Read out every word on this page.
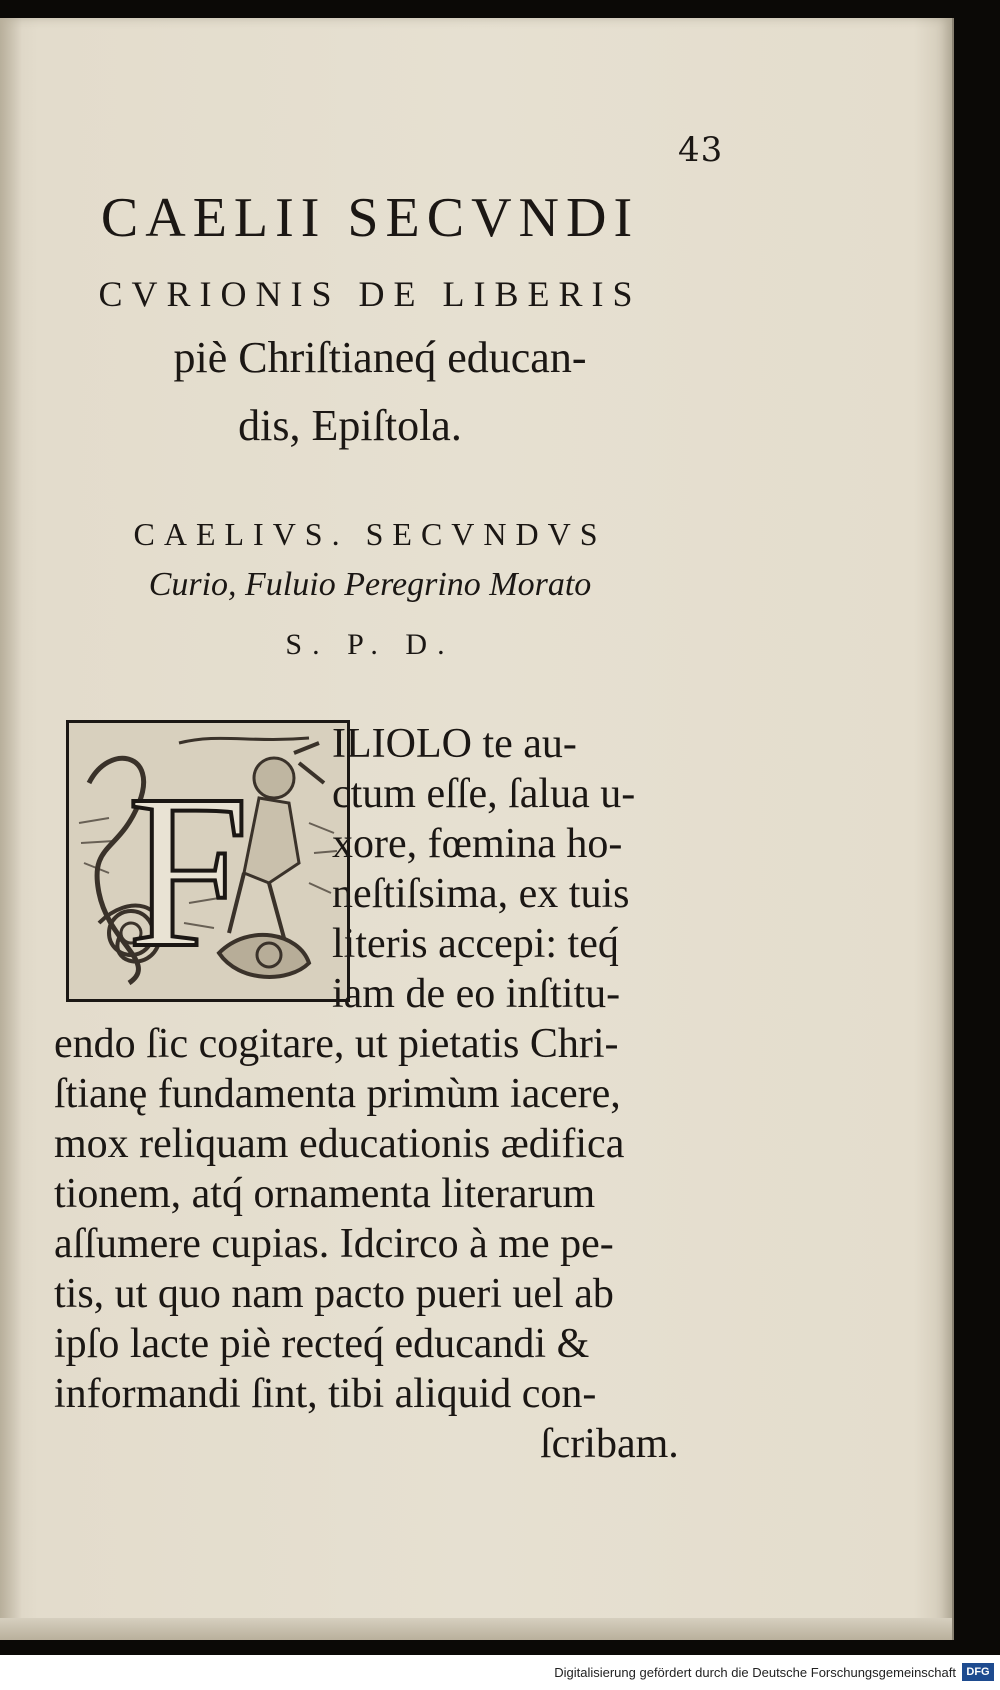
43
CAELII SECVNDI
CVRIONIS DE LIBERIS
piè Chriſtianeq́ educan-
dis, Epiſtola.
CAELIVS. SECVNDVS
Curio, Fuluio Peregrino Morato
S. P. D.
F
ILIOLO te au-
ctum eſſe, ſalua u-
xore, fœmina ho-
neſtiſsima, ex tuis
literis accepi: teq́
iam de eo inſtitu-
endo ſic cogitare, ut pietatis Chri-
ſtianę fundamenta primùm iacere,
mox reliquam educationis ædifica
tionem, atq́ ornamenta literarum
aſſumere cupias. Idcirco à me pe-
tis, ut quo nam pacto pueri uel ab
ipſo lacte piè recteq́ educandi &
informandi ſint, tibi aliquid con-
ſcribam.
Digitalisierung gefördert durch die Deutsche Forschungsgemeinschaft DFG
